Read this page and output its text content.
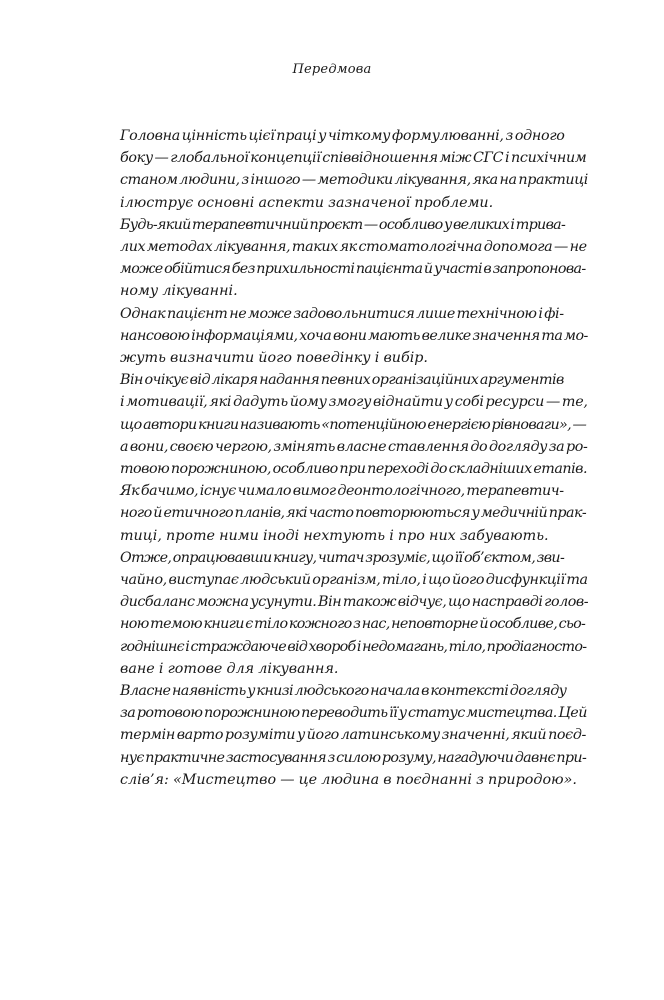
Передмова

Головна цінність цієї праці у чіткому формулюванні, з одного
боку — глобальної концепції співвідношення між СГС і психічним
станом людини, з іншого — методики лікування, яка на практиці
ілюструє основні аспекти зазначеної проблеми.

Будь-який терапевтичний проєкт — особливо у великих і трива-
лих методах лікування, таких як стоматологічна допомога — не
може обійтися без прихильності пацієнта й участі в запропонова-
ному лікуванні.

Однак пацієнт не може задовольнитися лише технічною і фі-
нансовою інформаціями, хоча вони мають велике значення та мо-
жуть визначити його поведінку і вибір.

Він очікує від лікаря надання певних організаційних аргументів
і мотивації, які дадуть йому змогу віднайти у собі ресурси — те,
що автори книги називають «потенційною енергією рівноваги», —
а вони, своєю чергою, змінять власне ставлення до догляду за ро-
товою порожниною, особливо при переході до складніших етапів.

Як бачимо, існує чимало вимог деонтологічного, терапевтич-
ного й етичного планів, які часто повторюються у медичній прак-
тиці, проте ними іноді нехтують і про них забувають.

Отже, опрацювавши книгу, читач зрозуміє, що її об’єктом, зви-
чайно, виступає людський організм, тіло, і що його дисфункції та
дисбаланс можна усунути. Він також відчує, що насправді голов-
ною темою книги є тіло кожного з нас, неповторне й особливе, сьо-
годнішнє і страждаюче від хвороб і недомагань, тіло, продіагносто-
ване і готове для лікування.

Власне наявність у книзі людського начала в контексті догляду
за ротовою порожниною переводить її у статус мистецтва. Цей
термін варто розуміти у його латинському значенні, який поєд-
нує практичне застосування з силою розуму, нагадуючи давнє при-
слів’я: «Мистецтво — це людина в поєднанні з природою».
